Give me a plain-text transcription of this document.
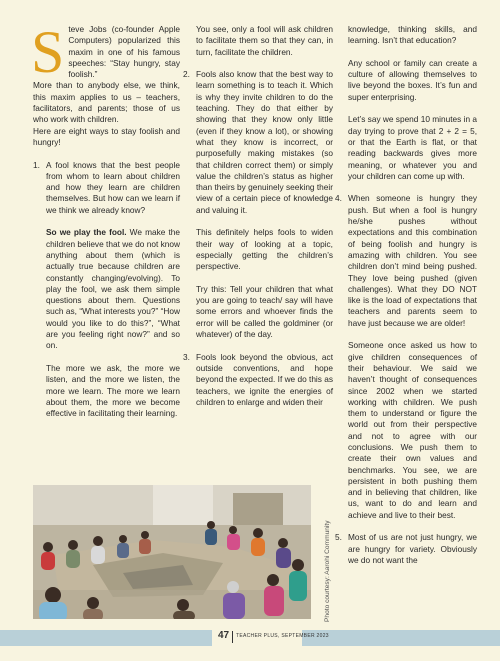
S teve Jobs (co-founder Apple Computers) popularized this maxim in one of his famous speeches: “Stay hungry, stay foolish.”

More than to anybody else, we think, this maxim applies to us – teachers, facilitators, and parents; those of us who work with children.

Here are eight ways to stay foolish and hungry!

1. A fool knows that the best people from whom to learn about children and how they learn are children themselves. But how can we learn if we think we already know?

So we play the fool. We make the children believe that we do not know anything about them (which is actually true because children are constantly changing/evolving). To play the fool, we ask them simple questions about them. Questions such as, “What interests you?” “How would you like to do this?”, “What are you feeling right now?” and so on.

The more we ask, the more we listen, and the more we listen, the more we learn. The more we learn about them, the more we become effective in facilitating their learning.

You see, only a fool will ask children to facilitate them so that they can, in turn, facilitate the children.

2. Fools also know that the best way to learn something is to teach it. Which is why they invite children to do the teaching. They do that either by showing that they know only little (even if they know a lot), or showing what they know is incorrect, or purposefully making mistakes (so that children correct them) or simply value the children’s status as higher than theirs by genuinely seeking their view of a certain piece of knowledge and valuing it.

This definitely helps fools to widen their way of looking at a topic, especially getting the children’s perspective.

Try this: Tell your children that what you are going to teach/ say will have some errors and whoever finds the error will be called the goldminer (or whatever) of the day.

3. Fools look beyond the obvious, act outside conventions, and hope beyond the expected. If we do this as teachers, we ignite the energies of children to enlarge and widen their

knowledge, thinking skills, and learning. Isn’t that education?

Any school or family can create a culture of allowing themselves to live beyond the boxes. It’s fun and super enterprising.

Let’s say we spend 10 minutes in a day trying to prove that 2 + 2 = 5, or that the Earth is flat, or that reading backwards gives more meaning, or whatever you and your children can come up with.

4. When someone is hungry they push. But when a fool is hungry he/she pushes without expectations and this combination of being foolish and hungry is amazing with children. You see children don’t mind being pushed. They love being pushed (given challenges). What they DO NOT like is the load of expectations that teachers and parents seem to have just because we are older!

Someone once asked us how to give children consequences of their behaviour. We said we haven’t thought of consequences since 2002 when we started working with children. We push them to understand or figure the world out from their perspective and not to agree with our conclusions. We push them to create their own values and benchmarks. You see, we are persistent in both pushing them and in believing that children, like us, want to do and learn and achieve and live to their best.

5. Most of us are not just hungry, we are hungry for variety. Obviously we do not want the

Photo courtesy: Aarohi Community
47 TEACHER PLUS, SEPTEMBER 2023
